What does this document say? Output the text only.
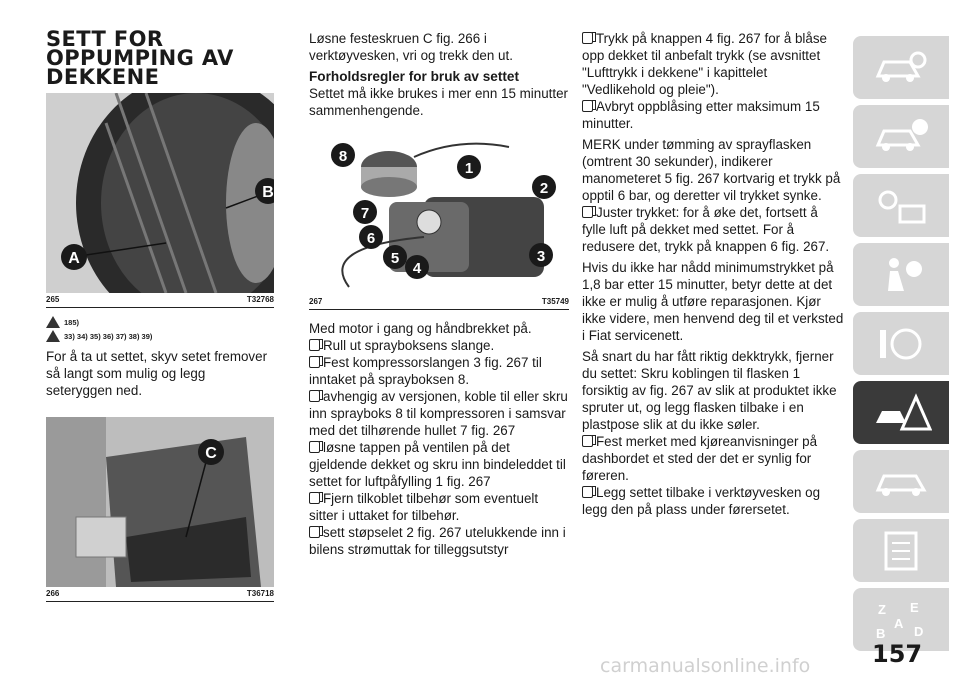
SETT FOR OPPUMPING AV DEKKENE
A
B
265	T32768
185)
33) 34) 35) 36) 37) 38) 39)

For å ta ut settet, skyv setet fremover så langt som mulig og legg seteryggen ned.

C
266	T36718

Løsne festeskruen C fig. 266 i verktøyvesken, vri og trekk den ut.

Forholdsregler for bruk av settet

Settet må ikke brukes i mer enn 15 minutter sammenhengende.

1
2
3
4
5
6
7
8
267	T35749

Med motor i gang og håndbrekket på.

Rull ut sprayboksens slange.

Fest kompressorslangen 3 fig. 267 til inntaket på sprayboksen 8.

avhengig av versjonen, koble til eller skru inn sprayboks 8 til kompressoren i samsvar med det tilhørende hullet 7 fig. 267

løsne tappen på ventilen på det gjeldende dekket og skru inn bindeleddet til settet for luftpåfylling 1 fig. 267

Fjern tilkoblet tilbehør som eventuelt sitter i uttaket for tilbehør.

sett støpselet 2 fig. 267 utelukkende inn i bilens strømuttak for tilleggsutstyr

Trykk på knappen 4 fig. 267 for å blåse opp dekket til anbefalt trykk (se avsnittet "Lufttrykk i dekkene" i kapittelet "Vedlikehold og pleie").

Avbryt oppblåsing etter maksimum 15 minutter.

MERK under tømming av sprayflasken (omtrent 30 sekunder), indikerer manometeret 5 fig. 267 kortvarig et trykk på opptil 6 bar, og deretter vil trykket synke.

Juster trykket: for å øke det, fortsett å fylle luft på dekket med settet. For å redusere det, trykk på knappen 6 fig. 267.

Hvis du ikke har nådd minimumstrykket på 1,8 bar etter 15 minutter, betyr dette at det ikke er mulig å utføre reparasjonen. Kjør ikke videre, men henvend deg til et verksted i Fiat servicenett.

Så snart du har fått riktig dekktrykk, fjerner du settet: Skru koblingen til flasken 1 forsiktig av fig. 267 av slik at produktet ikke spruter ut, og legg flasken tilbake i en plastpose slik at du ikke søler.

Fest merket med kjøreanvisninger på dashbordet et sted der det er synlig for føreren.

Legg settet tilbake i verktøyvesken og legg den på plass under førersetet.

Z E
A
B D
157
carmanualsonline.info
